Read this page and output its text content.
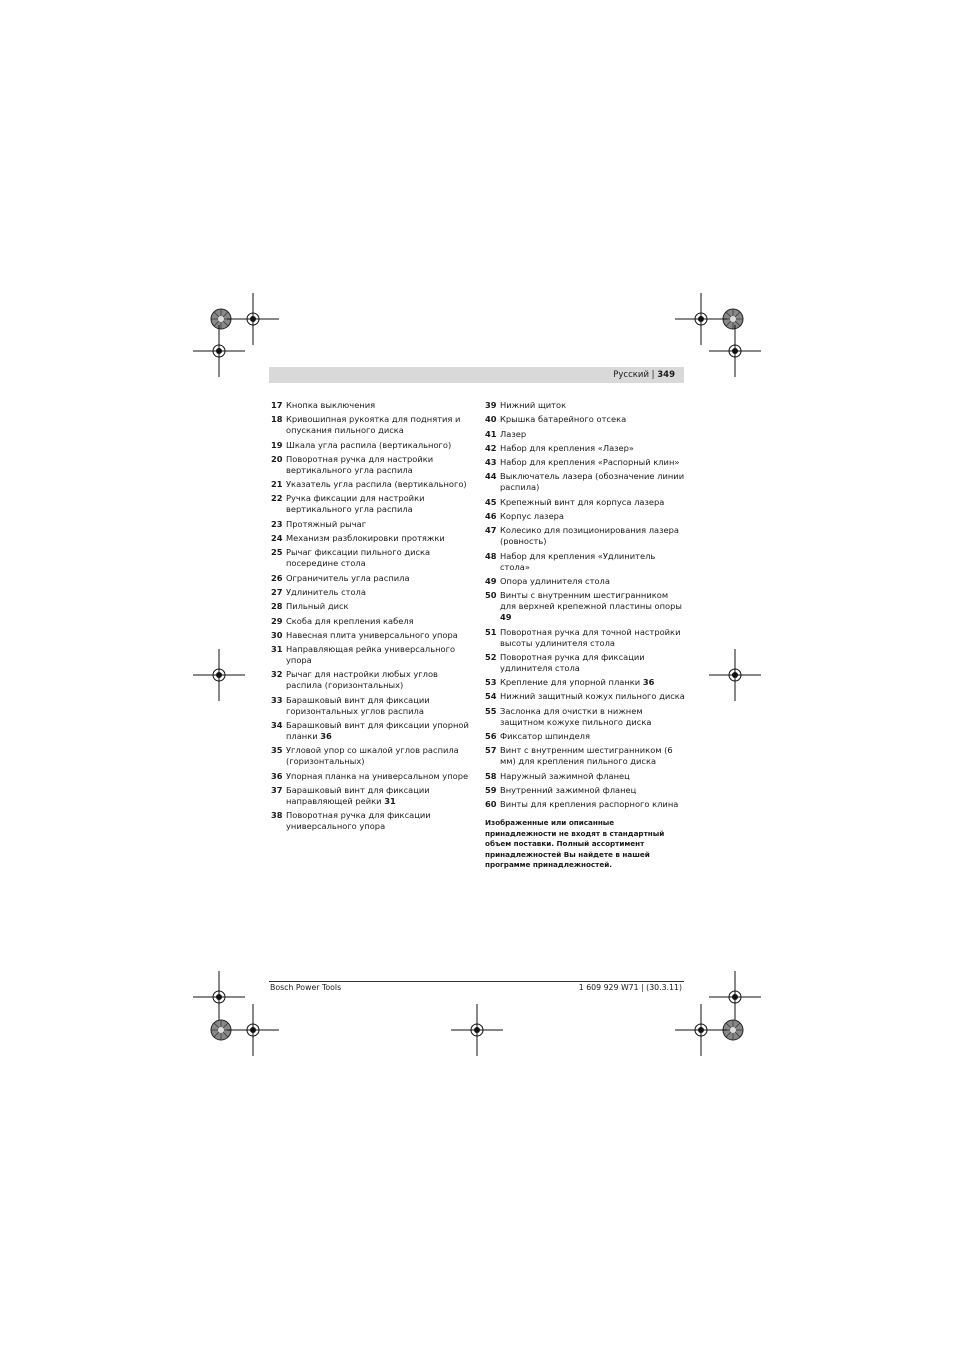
Русский | 349
17 Кнопка выключения
18 Кривошипная рукоятка для поднятия и опускания пильного диска
19 Шкала угла распила (вертикального)
20 Поворотная ручка для настройки вертикального угла распила
21 Указатель угла распила (вертикального)
22 Ручка фиксации для настройки вертикального угла распила
23 Протяжный рычаг
24 Механизм разблокировки протяжки
25 Рычаг фиксации пильного диска посередине стола
26 Ограничитель угла распила
27 Удлинитель стола
28 Пильный диск
29 Скоба для крепления кабеля
30 Навесная плита универсального упора
31 Направляющая рейка универсального упора
32 Рычаг для настройки любых углов распила (горизонтальных)
33 Барашковый винт для фиксации горизонтальных углов распила
34 Барашковый винт для фиксации упорной планки 36
35 Угловой упор со шкалой углов распила (горизонтальных)
36 Упорная планка на универсальном упоре
37 Барашковый винт для фиксации направляющей рейки 31
38 Поворотная ручка для фиксации универсального упора
39 Нижний щиток
40 Крышка батарейного отсека
41 Лазер
42 Набор для крепления «Лазер»
43 Набор для крепления «Распорный клин»
44 Выключатель лазера (обозначение линии распила)
45 Крепежный винт для корпуса лазера
46 Корпус лазера
47 Колесико для позиционирования лазера (ровность)
48 Набор для крепления «Удлинитель стола»
49 Опора удлинителя стола
50 Винты с внутренним шестигранником для верхней крепежной пластины опоры 49
51 Поворотная ручка для точной настройки высоты удлинителя стола
52 Поворотная ручка для фиксации удлинителя стола
53 Крепление для упорной планки 36
54 Нижний защитный кожух пильного диска
55 Заслонка для очистки в нижнем защитном кожухе пильного диска
56 Фиксатор шпинделя
57 Винт с внутренним шестигранником (6 мм) для крепления пильного диска
58 Наружный зажимной фланец
59 Внутренний зажимной фланец
60 Винты для крепления распорного клина
Изображенные или описанные принадлежности не входят в стандартный объем поставки. Полный ассортимент принадлежностей Вы найдете в нашей программе принадлежностей.
Bosch Power Tools	1 609 929 W71 | (30.3.11)
